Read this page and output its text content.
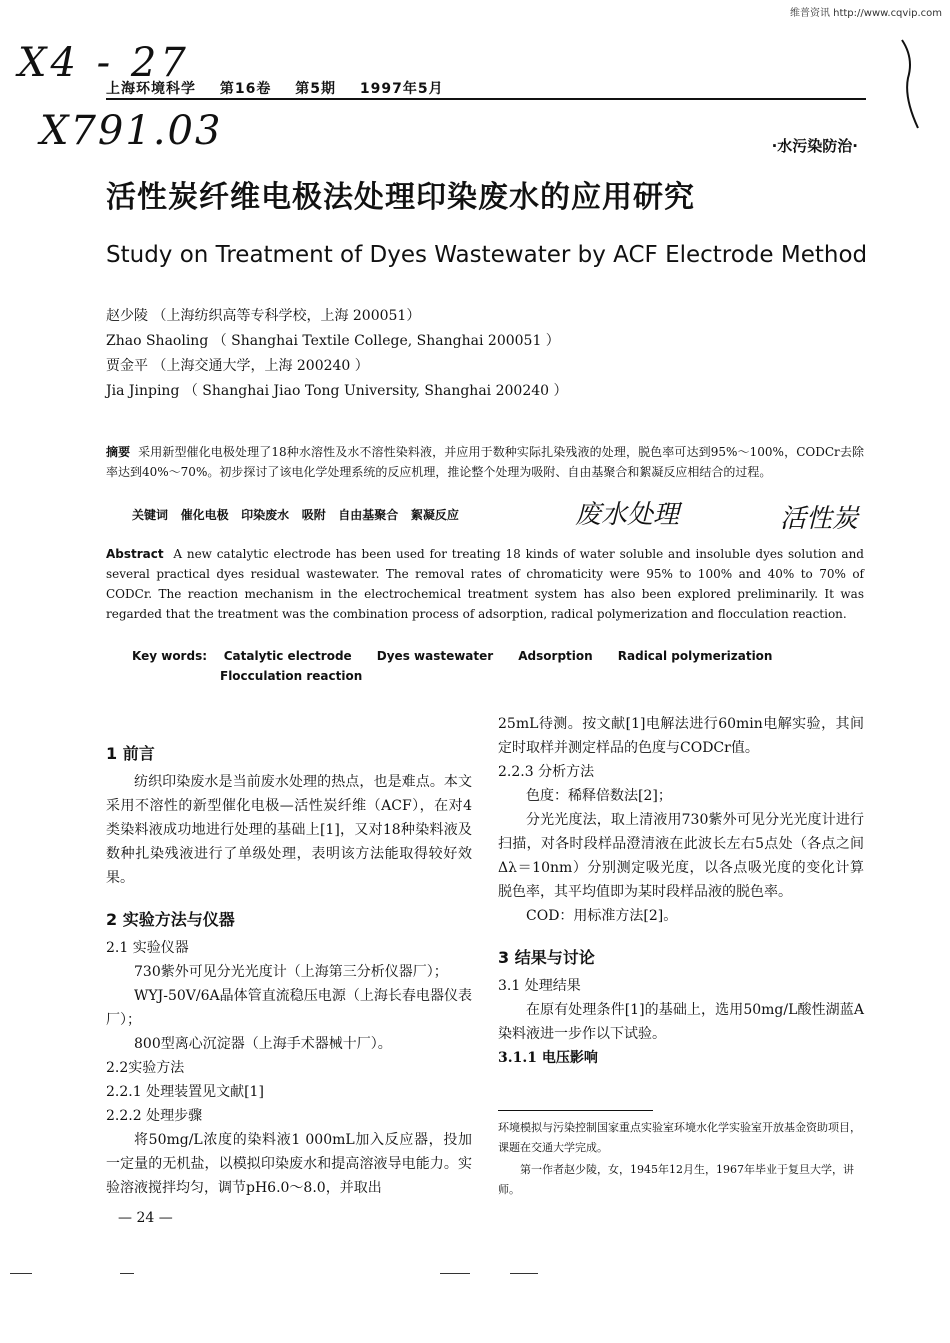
维普资讯 http://www.cqvip.com
X4 - 27
X791.03
上海环境科学 第16卷 第5期 1997年5月
·水污染防治·
活性炭纤维电极法处理印染废水的应用研究
Study on Treatment of Dyes Wastewater by ACF Electrode Method
赵少陵 （上海纺织高等专科学校，上海 200051）
Zhao Shaoling （ Shanghai Textile College, Shanghai 200051 ）
贾金平 （上海交通大学，上海 200240 ）
Jia Jinping （ Shanghai Jiao Tong University, Shanghai 200240 ）
摘要 采用新型催化电极处理了18种水溶性及水不溶性染料液，并应用于数种实际扎染残液的处理，脱色率可达到95%～100%，CODCr去除率达到40%～70%。初步探讨了该电化学处理系统的反应机理，推论整个处理为吸附、自由基聚合和絮凝反应相结合的过程。
关键词 催化电极 印染废水 吸附 自由基聚合 絮凝反应	废水处理	活性炭
Abstract A new catalytic electrode has been used for treating 18 kinds of water soluble and insoluble dyes solution and several practical dyes residual wastewater. The removal rates of chromaticity were 95% to 100% and 40% to 70% of CODCr. The reaction mechanism in the electrochemical treatment system has also been explored preliminarily. It was regarded that the treatment was the combination process of adsorption, radical polymerization and flocculation reaction.
Key words: Catalytic electrode Dyes wastewater Adsorption Radical polymerization
Flocculation reaction
1 前言

纺织印染废水是当前废水处理的热点，也是难点。本文采用不溶性的新型催化电极—活性炭纤维（ACF），在对4类染料液成功地进行处理的基础上[1]，又对18种染料液及数种扎染残液进行了单级处理，表明该方法能取得较好效果。

2 实验方法与仪器

2.1 实验仪器

730紫外可见分光光度计（上海第三分析仪器厂）；

WYJ-50V/6A晶体管直流稳压电源（上海长春电器仪表厂）；

800型离心沉淀器（上海手术器械十厂）。

2.2实验方法

2.2.1 处理装置见文献[1]

2.2.2 处理步骤

将50mg/L浓度的染料液1 000mL加入反应器，投加一定量的无机盐，以模拟印染废水和提高溶液导电能力。实验溶液搅拌均匀，调节pH6.0～8.0，并取出

25mL待测。按文献[1]电解法进行60min电解实验，其间定时取样并测定样品的色度与CODCr值。

2.2.3 分析方法

色度：稀释倍数法[2]；

分光光度法，取上清液用730紫外可见分光光度计进行扫描，对各时段样品澄清液在此波长左右5点处（各点之间Δλ＝10nm）分别测定吸光度，以各点吸光度的变化计算脱色率，其平均值即为某时段样品液的脱色率。

COD：用标准方法[2]。

3 结果与讨论

3.1 处理结果

在原有处理条件[1]的基础上，选用50mg/L酸性湖蓝A染料液进一步作以下试验。

3.1.1 电压影响

环境模拟与污染控制国家重点实验室环境水化学实验室开放基金资助项目，课题在交通大学完成。
第一作者赵少陵，女，1945年12月生，1967年毕业于复旦大学，讲师。
— 24 —
